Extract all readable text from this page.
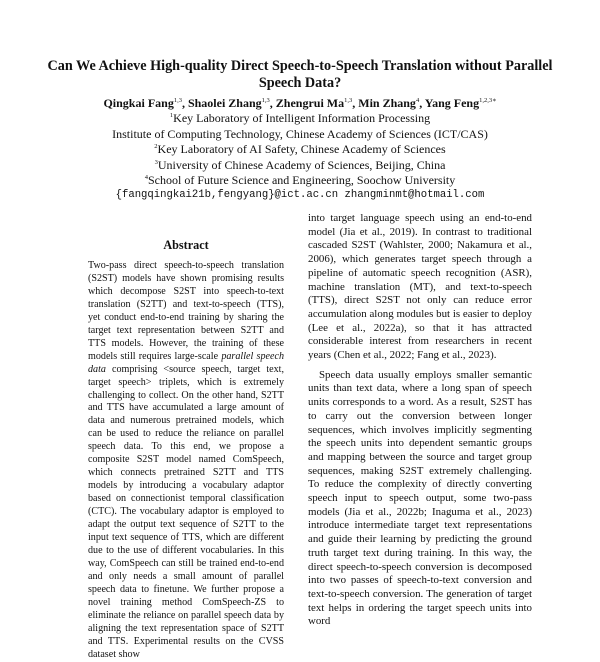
Can We Achieve High-quality Direct Speech-to-Speech Translation without Parallel Speech Data?
Qingkai Fang$^{1,3}$, Shaolei Zhang$^{1,3}$, Zhengrui Ma$^{1,3}$, Min Zhang$^4$, Yang Feng$^{1,2,3∗}$
$^1$Key Laboratory of Intelligent Information Processing
Institute of Computing Technology, Chinese Academy of Sciences (ICT/CAS)
$^2$Key Laboratory of AI Safety, Chinese Academy of Sciences
$^3$University of Chinese Academy of Sciences, Beijing, China
$^4$School of Future Science and Engineering, Soochow University
{fangqingkai21b,fengyang}@ict.ac.cn zhangminmt@hotmail.com
Abstract

Two-pass direct speech-to-speech translation (S2ST) models have shown promising results which decompose S2ST into speech-to-text translation (S2TT) and text-to-speech (TTS), yet conduct end-to-end training by sharing the target text representation between S2TT and TTS models. However, the training of these models still requires large-scale parallel speech data comprising <source speech, target text, target speech> triplets, which is extremely challenging to collect. On the other hand, S2TT and TTS have accumulated a large amount of data and numerous pretrained models, which can be used to reduce the reliance on parallel speech data. To this end, we propose a composite S2ST model named ComSpeech, which connects pretrained S2TT and TTS models by introducing a vocabulary adaptor based on connectionist temporal classification (CTC). The vocabulary adaptor is employed to adapt the output text sequence of S2TT to the input text sequence of TTS, which are different due to the use of different vocabularies. In this way, ComSpeech can still be trained end-to-end and only needs a small amount of parallel speech data to finetune. We further propose a novel training method ComSpeech-ZS to eliminate the reliance on parallel speech data by aligning the text representation space of S2TT and TTS. Experimental results on the CVSS dataset show

into target language speech using an end-to-end model (Jia et al., 2019). In contrast to traditional cascaded S2ST (Wahlster, 2000; Nakamura et al., 2006), which generates target speech through a pipeline of automatic speech recognition (ASR), machine translation (MT), and text-to-speech (TTS), direct S2ST not only can reduce error accumulation along modules but is easier to deploy (Lee et al., 2022a), so that it has attracted considerable interest from researchers in recent years (Chen et al., 2022; Fang et al., 2023).

Speech data usually employs smaller semantic units than text data, where a long span of speech units corresponds to a word. As a result, S2ST has to carry out the conversion between longer sequences, which involves implicitly segmenting the speech units into dependent semantic groups and mapping between the source and target group sequences, making S2ST extremely challenging. To reduce the complexity of directly converting speech input to speech output, some two-pass models (Jia et al., 2022b; Inaguma et al., 2023) introduce intermediate target text representations and guide their learning by predicting the ground truth target text during training. In this way, the direct speech-to-speech conversion is decomposed into two passes of speech-to-text conversion and text-to-speech conversion. The generation of target text helps in ordering the target speech units into word
